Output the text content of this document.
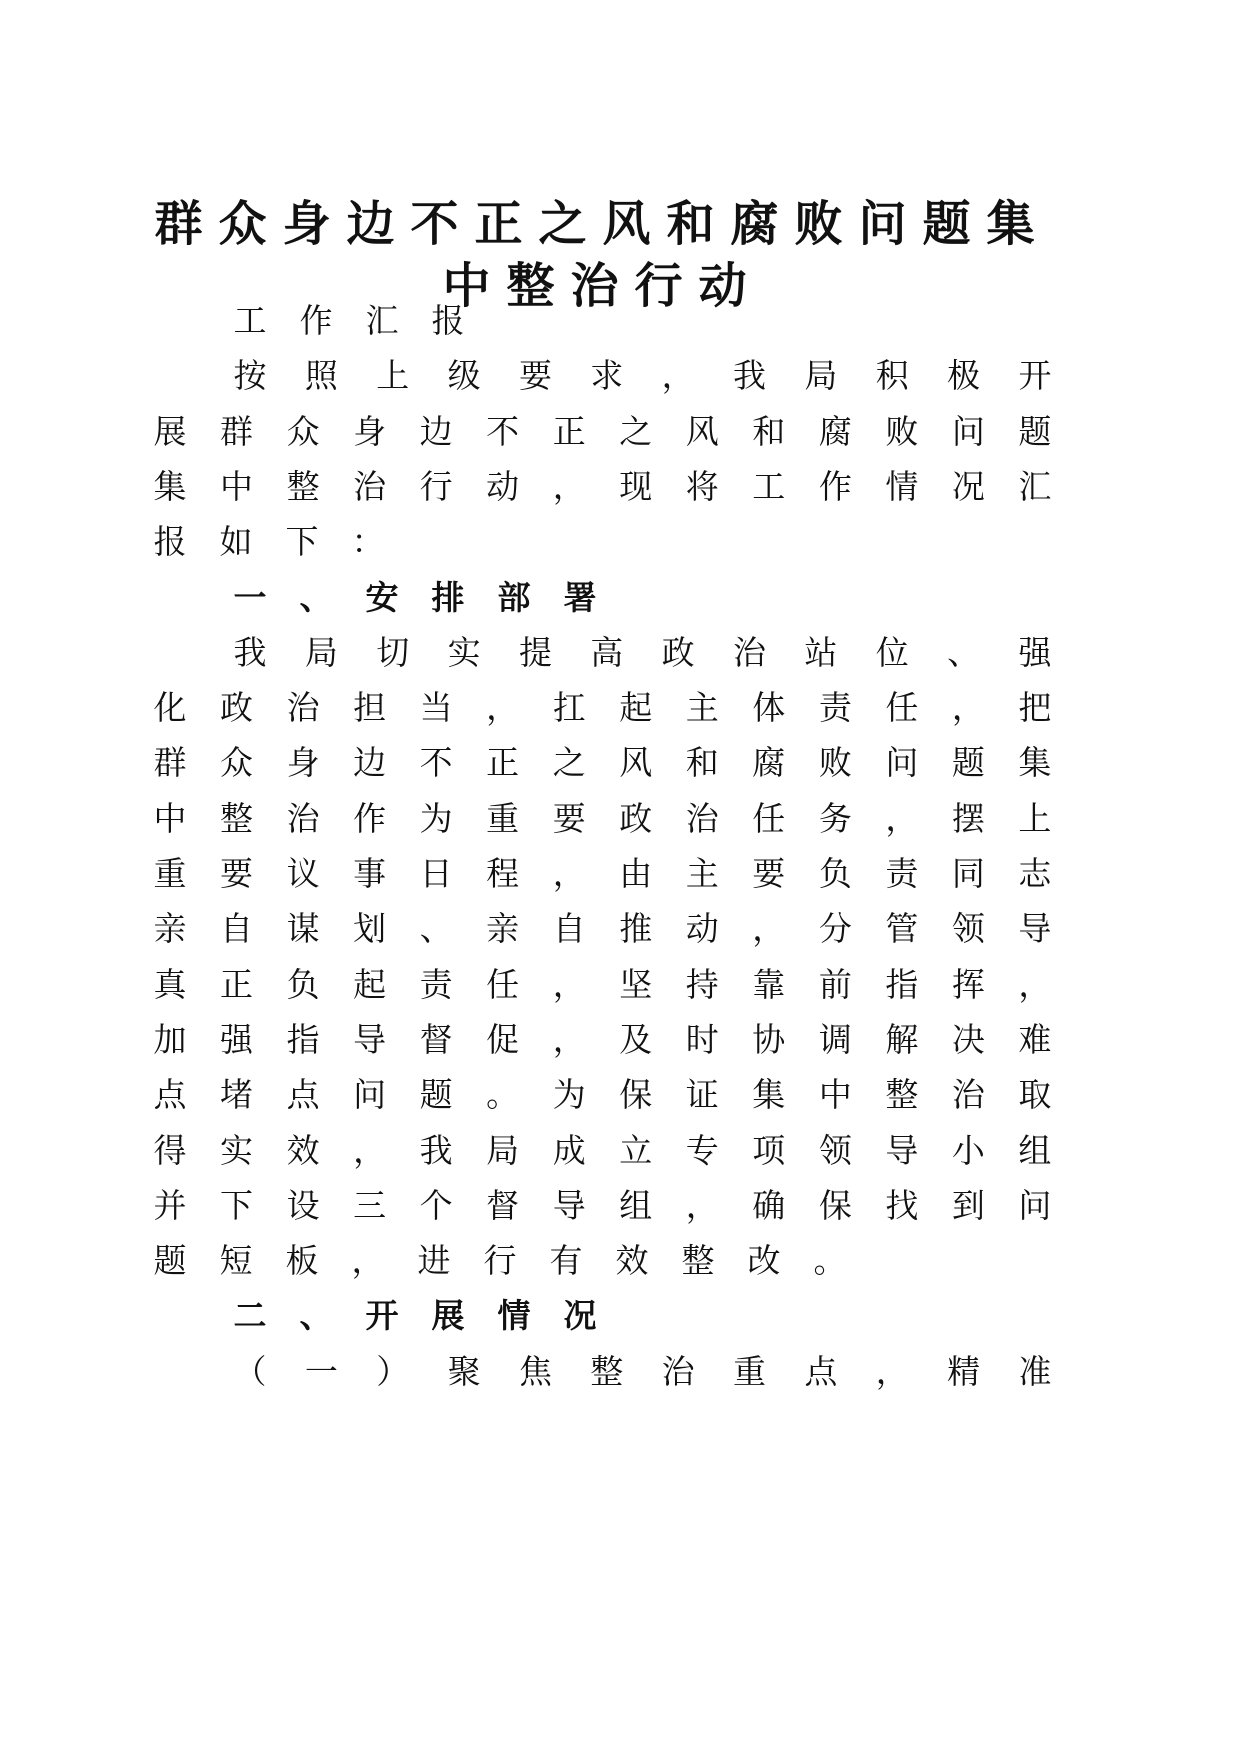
群众身边不正之风和腐败问题集
中整治行动
工 作 汇 报
按 照 上 级 要 求 ， 我 局 积 极 开
展 群 众 身 边 不 正 之 风 和 腐 败 问 题
集 中 整 治 行 动 ， 现 将 工 作 情 况 汇
报 如 下 ：
一 、 安 排 部 署
我 局 切 实 提 高 政 治 站 位 、 强
化 政 治 担 当 ， 扛 起 主 体 责 任 ， 把
群 众 身 边 不 正 之 风 和 腐 败 问 题 集
中 整 治 作 为 重 要 政 治 任 务 ， 摆 上
重 要 议 事 日 程 ， 由 主 要 负 责 同 志
亲 自 谋 划 、 亲 自 推 动 ， 分 管 领 导
真 正 负 起 责 任 ， 坚 持 靠 前 指 挥 ，
加 强 指 导 督 促 ， 及 时 协 调 解 决 难
点 堵 点 问 题 。 为 保 证 集 中 整 治 取
得 实 效 ， 我 局 成 立 专 项 领 导 小 组
并 下 设 三 个 督 导 组 ， 确 保 找 到 问
题 短 板 ， 进 行 有 效 整 改 。
二 、 开 展 情 况
（ 一 ） 聚 焦 整 治 重 点 ， 精 准
